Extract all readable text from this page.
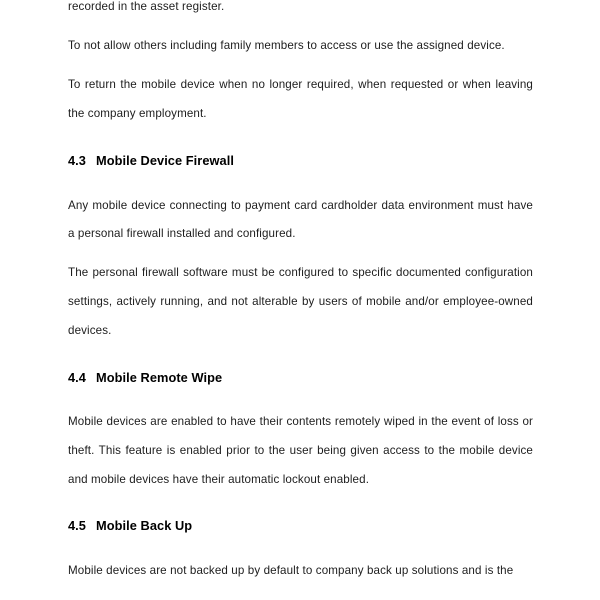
recorded in the asset register.

To not allow others including family members to access or use the assigned device.

To return the mobile device when no longer required, when requested or when leaving the company employment.

4.3 Mobile Device Firewall

Any mobile device connecting to payment card cardholder data environment must have a personal firewall installed and configured.

The personal firewall software must be configured to specific documented configuration settings, actively running, and not alterable by users of mobile and/or employee-owned devices.

4.4 Mobile Remote Wipe

Mobile devices are enabled to have their contents remotely wiped in the event of loss or theft. This feature is enabled prior to the user being given access to the mobile device and mobile devices have their automatic lockout enabled.

4.5 Mobile Back Up

Mobile devices are not backed up by default to company back up solutions and is the
